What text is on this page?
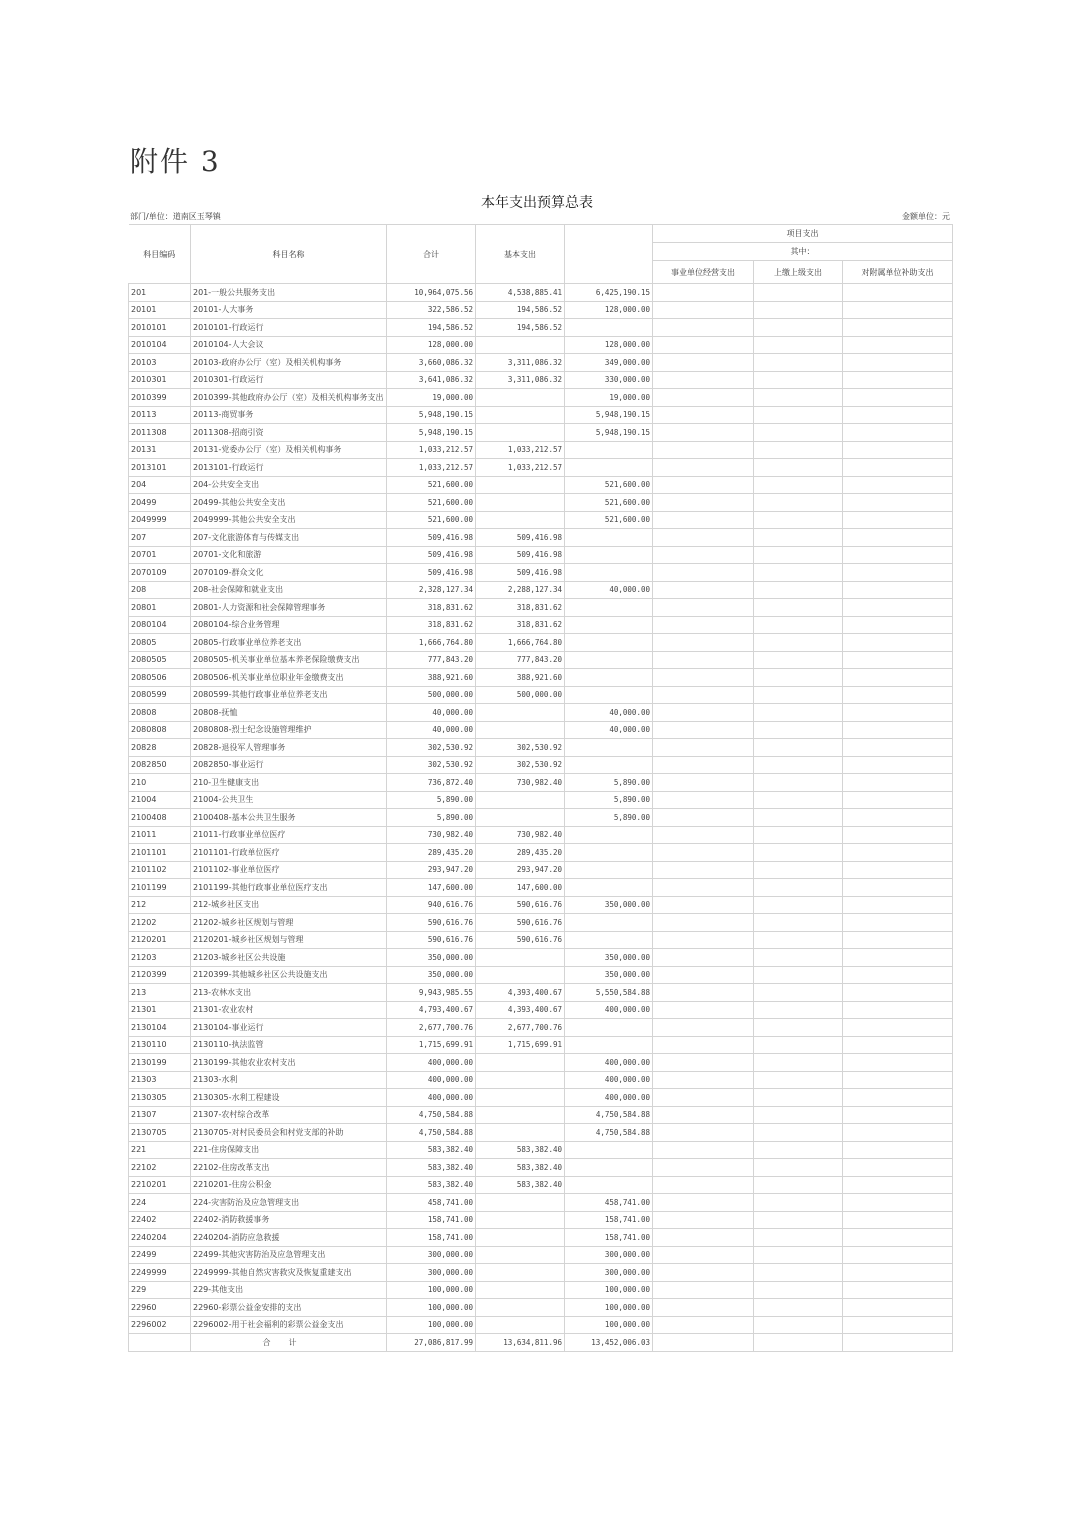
附件 3
本年支出预算总表
部门/单位：道南区玉琴镇	金额单位：元
科目编码	科目名称	合计	基本支出		项目支出		
					其中：		
					事业单位经营支出	上缴上级支出	对附属单位补助支出
201	201-一般公共服务支出	10,964,075.56	4,538,885.41	6,425,190.15			
20101	20101-人大事务	322,586.52	194,586.52	128,000.00			
2010101	2010101-行政运行	194,586.52	194,586.52				
2010104	2010104-人大会议	128,000.00		128,000.00			
20103	20103-政府办公厅（室）及相关机构事务	3,660,086.32	3,311,086.32	349,000.00			
2010301	2010301-行政运行	3,641,086.32	3,311,086.32	330,000.00			
2010399	2010399-其他政府办公厅（室）及相关机构事务支出	19,000.00		19,000.00			
20113	20113-商贸事务	5,948,190.15		5,948,190.15			
2011308	2011308-招商引资	5,948,190.15		5,948,190.15			
20131	20131-党委办公厅（室）及相关机构事务	1,033,212.57	1,033,212.57				
2013101	2013101-行政运行	1,033,212.57	1,033,212.57				
204	204-公共安全支出	521,600.00		521,600.00			
20499	20499-其他公共安全支出	521,600.00		521,600.00			
2049999	2049999-其他公共安全支出	521,600.00		521,600.00			
207	207-文化旅游体育与传媒支出	509,416.98	509,416.98				
20701	20701-文化和旅游	509,416.98	509,416.98				
2070109	2070109-群众文化	509,416.98	509,416.98				
208	208-社会保障和就业支出	2,328,127.34	2,288,127.34	40,000.00			
20801	20801-人力资源和社会保障管理事务	318,831.62	318,831.62				
2080104	2080104-综合业务管理	318,831.62	318,831.62				
20805	20805-行政事业单位养老支出	1,666,764.80	1,666,764.80				
2080505	2080505-机关事业单位基本养老保险缴费支出	777,843.20	777,843.20				
2080506	2080506-机关事业单位职业年金缴费支出	388,921.60	388,921.60				
2080599	2080599-其他行政事业单位养老支出	500,000.00	500,000.00				
20808	20808-抚恤	40,000.00		40,000.00			
2080808	2080808-烈士纪念设施管理维护	40,000.00		40,000.00			
20828	20828-退役军人管理事务	302,530.92	302,530.92				
2082850	2082850-事业运行	302,530.92	302,530.92				
210	210-卫生健康支出	736,872.40	730,982.40	5,890.00			
21004	21004-公共卫生	5,890.00		5,890.00			
2100408	2100408-基本公共卫生服务	5,890.00		5,890.00			
21011	21011-行政事业单位医疗	730,982.40	730,982.40				
2101101	2101101-行政单位医疗	289,435.20	289,435.20				
2101102	2101102-事业单位医疗	293,947.20	293,947.20				
2101199	2101199-其他行政事业单位医疗支出	147,600.00	147,600.00				
212	212-城乡社区支出	940,616.76	590,616.76	350,000.00			
21202	21202-城乡社区规划与管理	590,616.76	590,616.76				
2120201	2120201-城乡社区规划与管理	590,616.76	590,616.76				
21203	21203-城乡社区公共设施	350,000.00		350,000.00			
2120399	2120399-其他城乡社区公共设施支出	350,000.00		350,000.00			
213	213-农林水支出	9,943,985.55	4,393,400.67	5,550,584.88			
21301	21301-农业农村	4,793,400.67	4,393,400.67	400,000.00			
2130104	2130104-事业运行	2,677,700.76	2,677,700.76				
2130110	2130110-执法监管	1,715,699.91	1,715,699.91				
2130199	2130199-其他农业农村支出	400,000.00		400,000.00			
21303	21303-水利	400,000.00		400,000.00			
2130305	2130305-水利工程建设	400,000.00		400,000.00			
21307	21307-农村综合改革	4,750,584.88		4,750,584.88			
2130705	2130705-对村民委员会和村党支部的补助	4,750,584.88		4,750,584.88			
221	221-住房保障支出	583,382.40	583,382.40				
22102	22102-住房改革支出	583,382.40	583,382.40				
2210201	2210201-住房公积金	583,382.40	583,382.40				
224	224-灾害防治及应急管理支出	458,741.00		458,741.00			
22402	22402-消防救援事务	158,741.00		158,741.00			
2240204	2240204-消防应急救援	158,741.00		158,741.00			
22499	22499-其他灾害防治及应急管理支出	300,000.00		300,000.00			
2249999	2249999-其他自然灾害救灾及恢复重建支出	300,000.00		300,000.00			
229	229-其他支出	100,000.00		100,000.00			
22960	22960-彩票公益金安排的支出	100,000.00		100,000.00			
2296002	2296002-用于社会福利的彩票公益金支出	100,000.00		100,000.00			
	合计	27,086,817.99	13,634,811.96	13,452,006.03			
